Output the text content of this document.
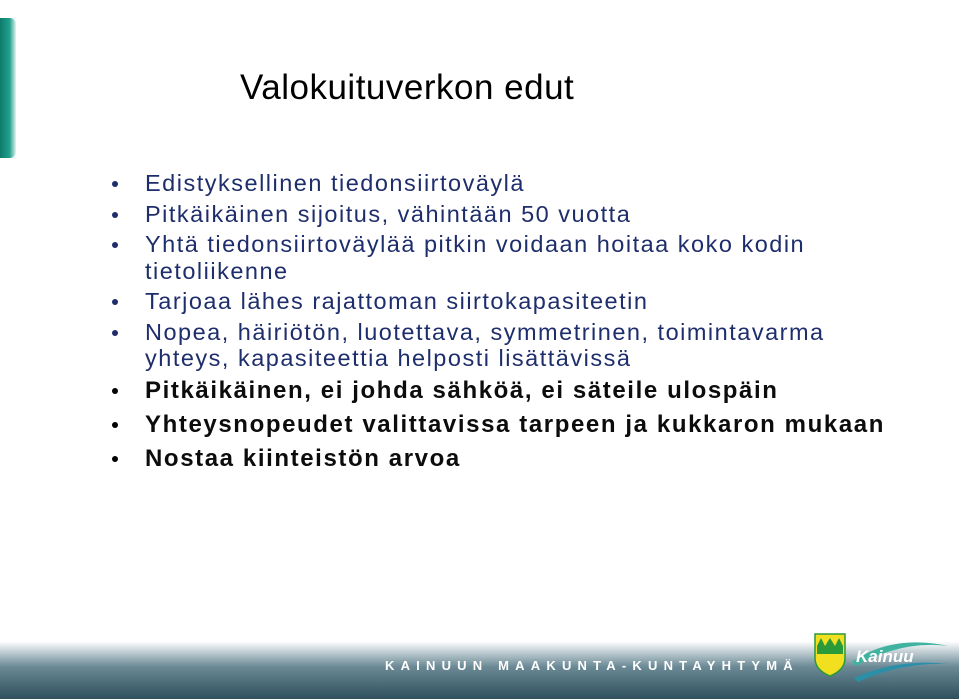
Valokuituverkon edut
Edistyksellinen tiedonsiirtoväylä
Pitkäikäinen sijoitus, vähintään 50 vuotta
Yhtä tiedonsiirtoväylää pitkin voidaan hoitaa koko kodin tietoliikenne
Tarjoaa lähes rajattoman siirtokapasiteetin
Nopea, häiriötön, luotettava, symmetrinen, toimintavarma yhteys, kapasiteettia helposti lisättävissä
Pitkäikäinen, ei johda sähköä, ei säteile ulospäin
Yhteysnopeudet valittavissa tarpeen ja kukkaron mukaan
Nostaa kiinteistön arvoa
KAINUUN MAAKUNTA-KUNTAYHTYMÄ	Kainuu
